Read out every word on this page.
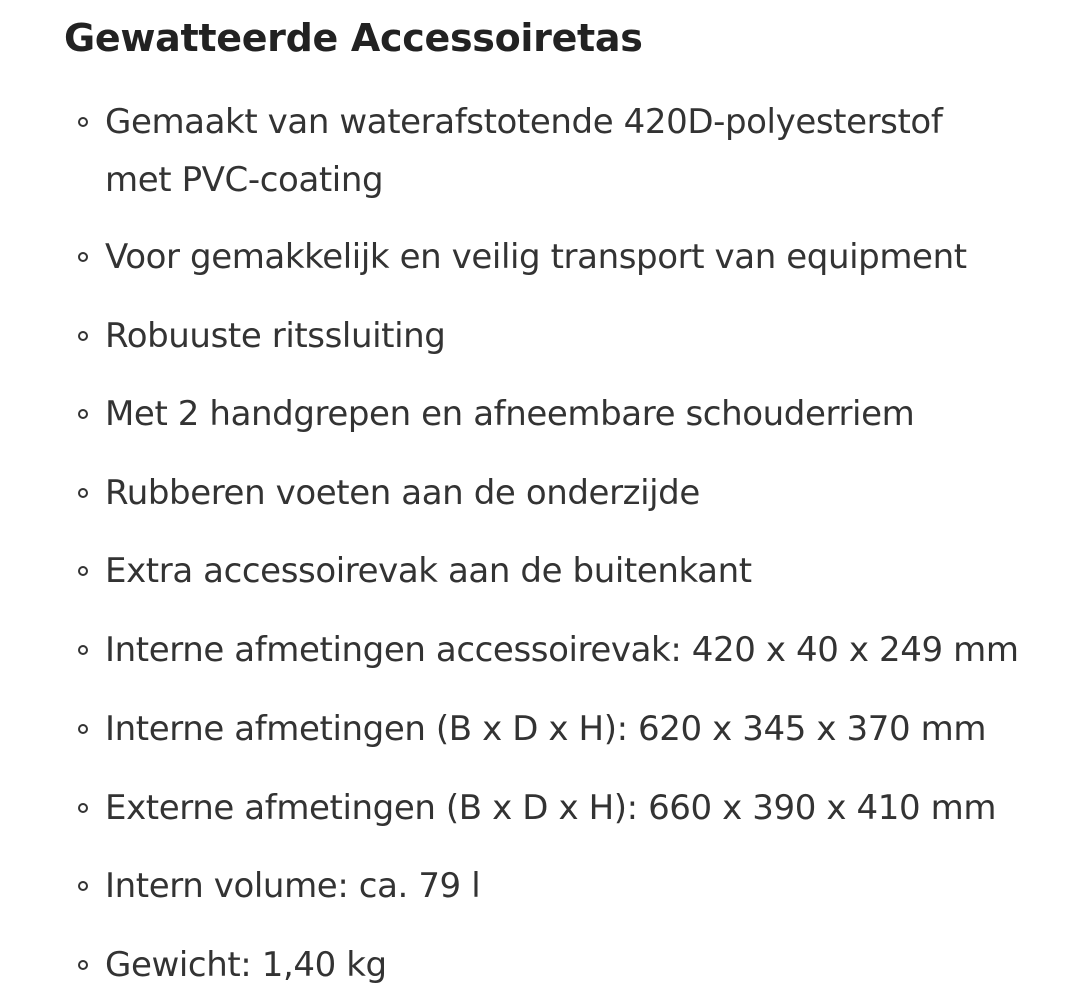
Gewatteerde Accessoiretas
Gemaakt van waterafstotende 420D-polyesterstof
met PVC-coating
Voor gemakkelijk en veilig transport van equipment
Robuuste ritssluiting
Met 2 handgrepen en afneembare schouderriem
Rubberen voeten aan de onderzijde
Extra accessoirevak aan de buitenkant
Interne afmetingen accessoirevak: 420 x 40 x 249 mm
Interne afmetingen (B x D x H): 620 x 345 x 370 mm
Externe afmetingen (B x D x H): 660 x 390 x 410 mm
Intern volume: ca. 79 l
Gewicht: 1,40 kg
